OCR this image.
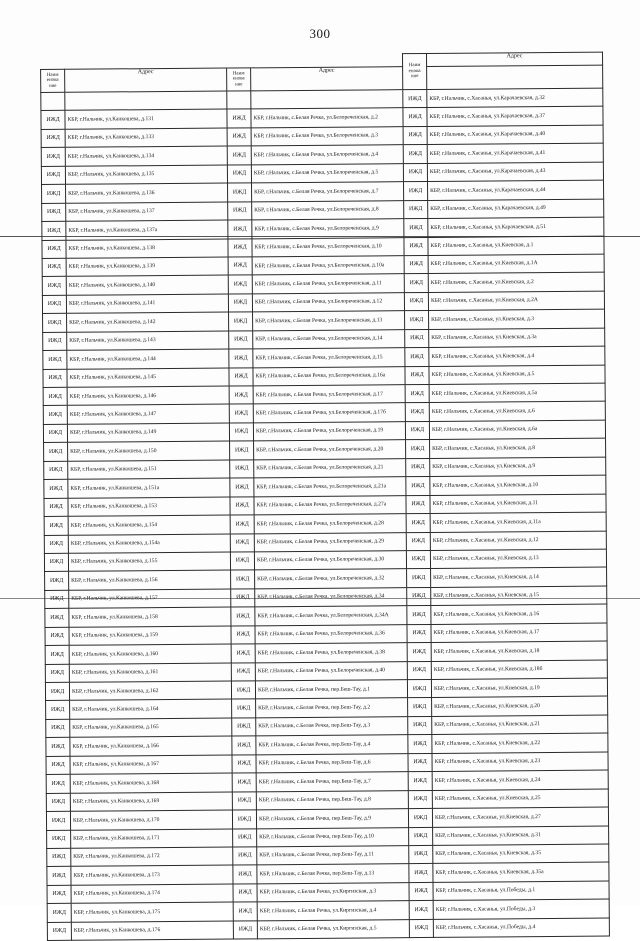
300
				Наим енова ние	Адрес
Наим енова ние	Адрес	Наим енова ние	Адрес		
				ИЖД	КБР, г.Нальчик, с.Хасанья, ул.Карачаевская, д.32
ИЖД	КБР, г.Нальчик, ул.Канкошева, д.131	ИЖД	КБР, г.Нальчик, с.Белая Речка, ул.Белореченская, д.2	ИЖД	КБР, г.Нальчик, с.Хасанья, ул.Карачаевская, д.37
ИЖД	КБР, г.Нальчик, ул.Канкошева, д.133	ИЖД	КБР, г.Нальчик, с.Белая Речка, ул.Белореченская, д.3	ИЖД	КБР, г.Нальчик, с.Хасанья, ул.Карачаевская, д.40
ИЖД	КБР, г.Нальчик, ул.Канкошева, д.134	ИЖД	КБР, г.Нальчик, с.Белая Речка, ул.Белореченская, д.4	ИЖД	КБР, г.Нальчик, с.Хасанья, ул.Карачаевская, д.41
ИЖД	КБР, г.Нальчик, ул.Канкошева, д.135	ИЖД	КБР, г.Нальчик, с.Белая Речка, ул.Белореченская, д.5	ИЖД	КБР, г.Нальчик, с.Хасанья, ул.Карачаевская, д.43
ИЖД	КБР, г.Нальчик, ул.Канкошева, д.136	ИЖД	КБР, г.Нальчик, с.Белая Речка, ул.Белореченская, д.7	ИЖД	КБР, г.Нальчик, с.Хасанья, ул.Карачаевская, д.44
ИЖД	КБР, г.Нальчик, ул.Канкошева, д.137	ИЖД	КБР, г.Нальчик, с.Белая Речка, ул.Белореченская, д.8	ИЖД	КБР, г.Нальчик, с.Хасанья, ул.Карачаевская, д.49
ИЖД	КБР, г.Нальчик, ул.Канкошева, д.137а	ИЖД	КБР, г.Нальчик, с.Белая Речка, ул.Белореченская, д.9	ИЖД	КБР, г.Нальчик, с.Хасанья, ул.Карачаевская, д.51
ИЖД	КБР, г.Нальчик, ул.Канкошева, д.138	ИЖД	КБР, г.Нальчик, с.Белая Речка, ул.Белореченская, д.10	ИЖД	КБР, г.Нальчик, с.Хасанья, ул.Киевская, д.1
ИЖД	КБР, г.Нальчик, ул.Канкошева, д.139	ИЖД	КБР, г.Нальчик, с.Белая Речка, ул.Белореченская, д.10а	ИЖД	КБР, г.Нальчик, с.Хасанья, ул.Киевская, д.1А
ИЖД	КБР, г.Нальчик, ул.Канкошева, д.140	ИЖД	КБР, г.Нальчик, с.Белая Речка, ул.Белореченская, д.11	ИЖД	КБР, г.Нальчик, с.Хасанья, ул.Киевская, д.2
ИЖД	КБР, г.Нальчик, ул.Канкошева, д.141	ИЖД	КБР, г.Нальчик, с.Белая Речка, ул.Белореченская, д.12	ИЖД	КБР, г.Нальчик, с.Хасанья, ул.Киевская, д.2А
ИЖД	КБР, г.Нальчик, ул.Канкошева, д.142	ИЖД	КБР, г.Нальчик, с.Белая Речка, ул.Белореченская, д.13	ИЖД	КБР, г.Нальчик, с.Хасанья, ул.Киевская, д.3
ИЖД	КБР, г.Нальчик, ул.Канкошева, д.143	ИЖД	КБР, г.Нальчик, с.Белая Речка, ул.Белореченская, д.14	ИЖД	КБР, г.Нальчик, с.Хасанья, ул.Киевская, д.3а
ИЖД	КБР, г.Нальчик, ул.Канкошева, д.144	ИЖД	КБР, г.Нальчик, с.Белая Речка, ул.Белореченская, д.15	ИЖД	КБР, г.Нальчик, с.Хасанья, ул.Киевская, д.4
ИЖД	КБР, г.Нальчик, ул.Канкошева, д.145	ИЖД	КБР, г.Нальчик, с.Белая Речка, ул.Белореченская, д.16а	ИЖД	КБР, г.Нальчик, с.Хасанья, ул.Киевская, д.5
ИЖД	КБР, г.Нальчик, ул.Канкошева, д.146	ИЖД	КБР, г.Нальчик, с.Белая Речка, ул.Белореченская, д.17	ИЖД	КБР, г.Нальчик, с.Хасанья, ул.Киевская, д.5а
ИЖД	КБР, г.Нальчик, ул.Канкошева, д.147	ИЖД	КБР, г.Нальчик, с.Белая Речка, ул.Белореченская, д.17б	ИЖД	КБР, г.Нальчик, с.Хасанья, ул.Киевская, д.6
ИЖД	КБР, г.Нальчик, ул.Канкошева, д.149	ИЖД	КБР, г.Нальчик, с.Белая Речка, ул.Белореченская, д.19	ИЖД	КБР, г.Нальчик, с.Хасанья, ул.Киевская, д.6а
ИЖД	КБР, г.Нальчик, ул.Канкошева, д.150	ИЖД	КБР, г.Нальчик, с.Белая Речка, ул.Белореченская, д.20	ИЖД	КБР, г.Нальчик, с.Хасанья, ул.Киевская, д.8
ИЖД	КБР, г.Нальчик, ул.Канкошева, д.151	ИЖД	КБР, г.Нальчик, с.Белая Речка, ул.Белореченская, д.21	ИЖД	КБР, г.Нальчик, с.Хасанья, ул.Киевская, д.9
ИЖД	КБР, г.Нальчик, ул.Канкошева, д.151а	ИЖД	КБР, г.Нальчик, с.Белая Речка, ул.Белореченская, д.21а	ИЖД	КБР, г.Нальчик, с.Хасанья, ул.Киевская, д.10
ИЖД	КБР, г.Нальчик, ул.Канкошева, д.153	ИЖД	КБР, г.Нальчик, с.Белая Речка, ул.Белореченская, д.27а	ИЖД	КБР, г.Нальчик, с.Хасанья, ул.Киевская, д.11
ИЖД	КБР, г.Нальчик, ул.Канкошева, д.154	ИЖД	КБР, г.Нальчик, с.Белая Речка, ул.Белореченская, д.28	ИЖД	КБР, г.Нальчик, с.Хасанья, ул.Киевская, д.11а
ИЖД	КБР, г.Нальчик, ул.Канкошева, д.154а	ИЖД	КБР, г.Нальчик, с.Белая Речка, ул.Белореченская, д.29	ИЖД	КБР, г.Нальчик, с.Хасанья, ул.Киевская, д.12
ИЖД	КБР, г.Нальчик, ул.Канкошева, д.155	ИЖД	КБР, г.Нальчик, с.Белая Речка, ул.Белореченская, д.30	ИЖД	КБР, г.Нальчик, с.Хасанья, ул.Киевская, д.13
ИЖД	КБР, г.Нальчик, ул.Канкошева, д.156	ИЖД	КБР, г.Нальчик, с.Белая Речка, ул.Белореченская, д.32	ИЖД	КБР, г.Нальчик, с.Хасанья, ул.Киевская, д.14
ИЖД	КБР, г.Нальчик, ул.Канкошева, д.157	ИЖД	КБР, г.Нальчик, с.Белая Речка, ул.Белореченская, д.34	ИЖД	КБР, г.Нальчик, с.Хасанья, ул.Киевская, д.15
ИЖД	КБР, г.Нальчик, ул.Канкошева, д.158	ИЖД	КБР, г.Нальчик, с.Белая Речка, ул.Белореченская, д.34А	ИЖД	КБР, г.Нальчик, с.Хасанья, ул.Киевская, д.16
ИЖД	КБР, г.Нальчик, ул.Канкошева, д.159	ИЖД	КБР, г.Нальчик, с.Белая Речка, ул.Белореченская, д.36	ИЖД	КБР, г.Нальчик, с.Хасанья, ул.Киевская, д.17
ИЖД	КБР, г.Нальчик, ул.Канкошева, д.160	ИЖД	КБР, г.Нальчик, с.Белая Речка, ул.Белореченская, д.38	ИЖД	КБР, г.Нальчик, с.Хасанья, ул.Киевская, д.18
ИЖД	КБР, г.Нальчик, ул.Канкошева, д.161	ИЖД	КБР, г.Нальчик, с.Белая Речка, ул.Белореченская, д.40	ИЖД	КБР, г.Нальчик, с.Хасанья, ул.Киевская, д.18б
ИЖД	КБР, г.Нальчик, ул.Канкошева, д.162	ИЖД	КБР, г.Нальчик, с.Белая Речка, пер.Беш-Тау, д.1	ИЖД	КБР, г.Нальчик, с.Хасанья, ул.Киевская, д.19
ИЖД	КБР, г.Нальчик, ул.Канкошева, д.164	ИЖД	КБР, г.Нальчик, с.Белая Речка, пер.Беш-Тау, д.2	ИЖД	КБР, г.Нальчик, с.Хасанья, ул.Киевская, д.20
ИЖД	КБР, г.Нальчик, ул.Канкошева, д.165	ИЖД	КБР, г.Нальчик, с.Белая Речка, пер.Беш-Тау, д.3	ИЖД	КБР, г.Нальчик, с.Хасанья, ул.Киевская, д.21
ИЖД	КБР, г.Нальчик, ул.Канкошева, д.166	ИЖД	КБР, г.Нальчик, с.Белая Речка, пер.Беш-Тау, д.4	ИЖД	КБР, г.Нальчик, с.Хасанья, ул.Киевская, д.22
ИЖД	КБР, г.Нальчик, ул.Канкошева, д.167	ИЖД	КБР, г.Нальчик, с.Белая Речка, пер.Беш-Тау, д.6	ИЖД	КБР, г.Нальчик, с.Хасанья, ул.Киевская, д.23
ИЖД	КБР, г.Нальчик, ул.Канкошева, д.168	ИЖД	КБР, г.Нальчик, с.Белая Речка, пер.Беш-Тау, д.7	ИЖД	КБР, г.Нальчик, с.Хасанья, ул.Киевская, д.24
ИЖД	КБР, г.Нальчик, ул.Канкошева, д.169	ИЖД	КБР, г.Нальчик, с.Белая Речка, пер.Беш-Тау, д.8	ИЖД	КБР, г.Нальчик, с.Хасанья, ул.Киевская, д.25
ИЖД	КБР, г.Нальчик, ул.Канкошева, д.170	ИЖД	КБР, г.Нальчик, с.Белая Речка, пер.Беш-Тау, д.9	ИЖД	КБР, г.Нальчик, с.Хасанья, ул.Киевская, д.27
ИЖД	КБР, г.Нальчик, ул.Канкошева, д.171	ИЖД	КБР, г.Нальчик, с.Белая Речка, пер.Беш-Тау, д.10	ИЖД	КБР, г.Нальчик, с.Хасанья, ул.Киевская, д.31
ИЖД	КБР, г.Нальчик, ул.Канкошева, д.172	ИЖД	КБР, г.Нальчик, с.Белая Речка, пер.Беш-Тау, д.11	ИЖД	КБР, г.Нальчик, с.Хасанья, ул.Киевская, д.35
ИЖД	КБР, г.Нальчик, ул.Канкошева, д.173	ИЖД	КБР, г.Нальчик, с.Белая Речка, пер.Беш-Тау, д.13	ИЖД	КБР, г.Нальчик, с.Хасанья, ул.Киевская, д.35а
ИЖД	КБР, г.Нальчик, ул.Канкошева, д.174	ИЖД	КБР, г.Нальчик, с.Белая Речка, ул.Киргизская, д.3	ИЖД	КБР, г.Нальчик, с.Хасанья, ул.Победы, д.1
ИЖД	КБР, г.Нальчик, ул.Канкошева, д.175	ИЖД	КБР, г.Нальчик, с.Белая Речка, ул.Киргизская, д.4	ИЖД	КБР, г.Нальчик, с.Хасанья, ул.Победы, д.3
ИЖД	КБР, г.Нальчик, ул.Канкошева, д.176	ИЖД	КБР, г.Нальчик, с.Белая Речка, ул.Киргизская, д.5	ИЖД	КБР, г.Нальчик, с.Хасанья, ул.Победы, д.4
